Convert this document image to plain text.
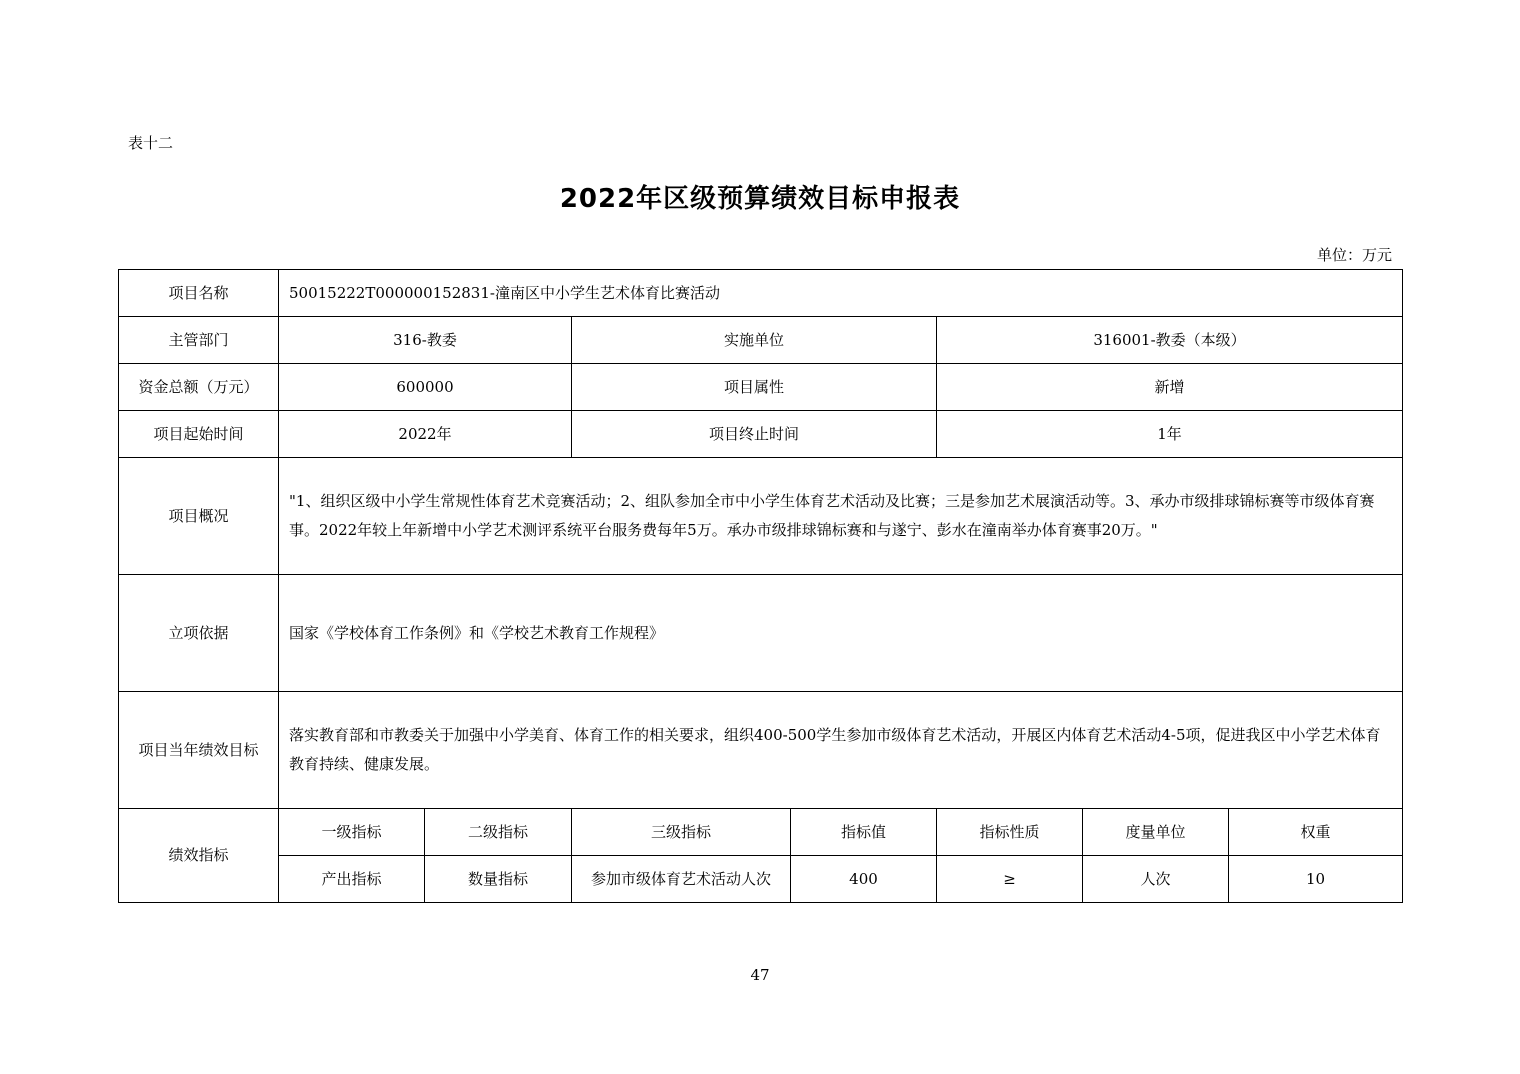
表十二
2022年区级预算绩效目标申报表
单位：万元
项目名称	50015222T000000152831-潼南区中小学生艺术体育比赛活动						
主管部门	316-教委		实施单位		316001-教委（本级）		
资金总额（万元）	600000		项目属性		新增		
项目起始时间	2022年		项目终止时间		1年		
项目概况	"1、组织区级中小学生常规性体育艺术竞赛活动；2、组队参加全市中小学生体育艺术活动及比赛；三是参加艺术展演活动等。3、承办市级排球锦标赛等市级体育赛事。2022年较上年新增中小学艺术测评系统平台服务费每年5万。承办市级排球锦标赛和与遂宁、彭水在潼南举办体育赛事20万。"						
立项依据	国家《学校体育工作条例》和《学校艺术教育工作规程》						
项目当年绩效目标	落实教育部和市教委关于加强中小学美育、体育工作的相关要求，组织400-500学生参加市级体育艺术活动，开展区内体育艺术活动4-5项，促进我区中小学艺术体育教育持续、健康发展。						
绩效指标	一级指标	二级指标	三级指标	指标值	指标性质	度量单位	权重
	产出指标	数量指标	参加市级体育艺术活动人次	400	≥	人次	10
47
